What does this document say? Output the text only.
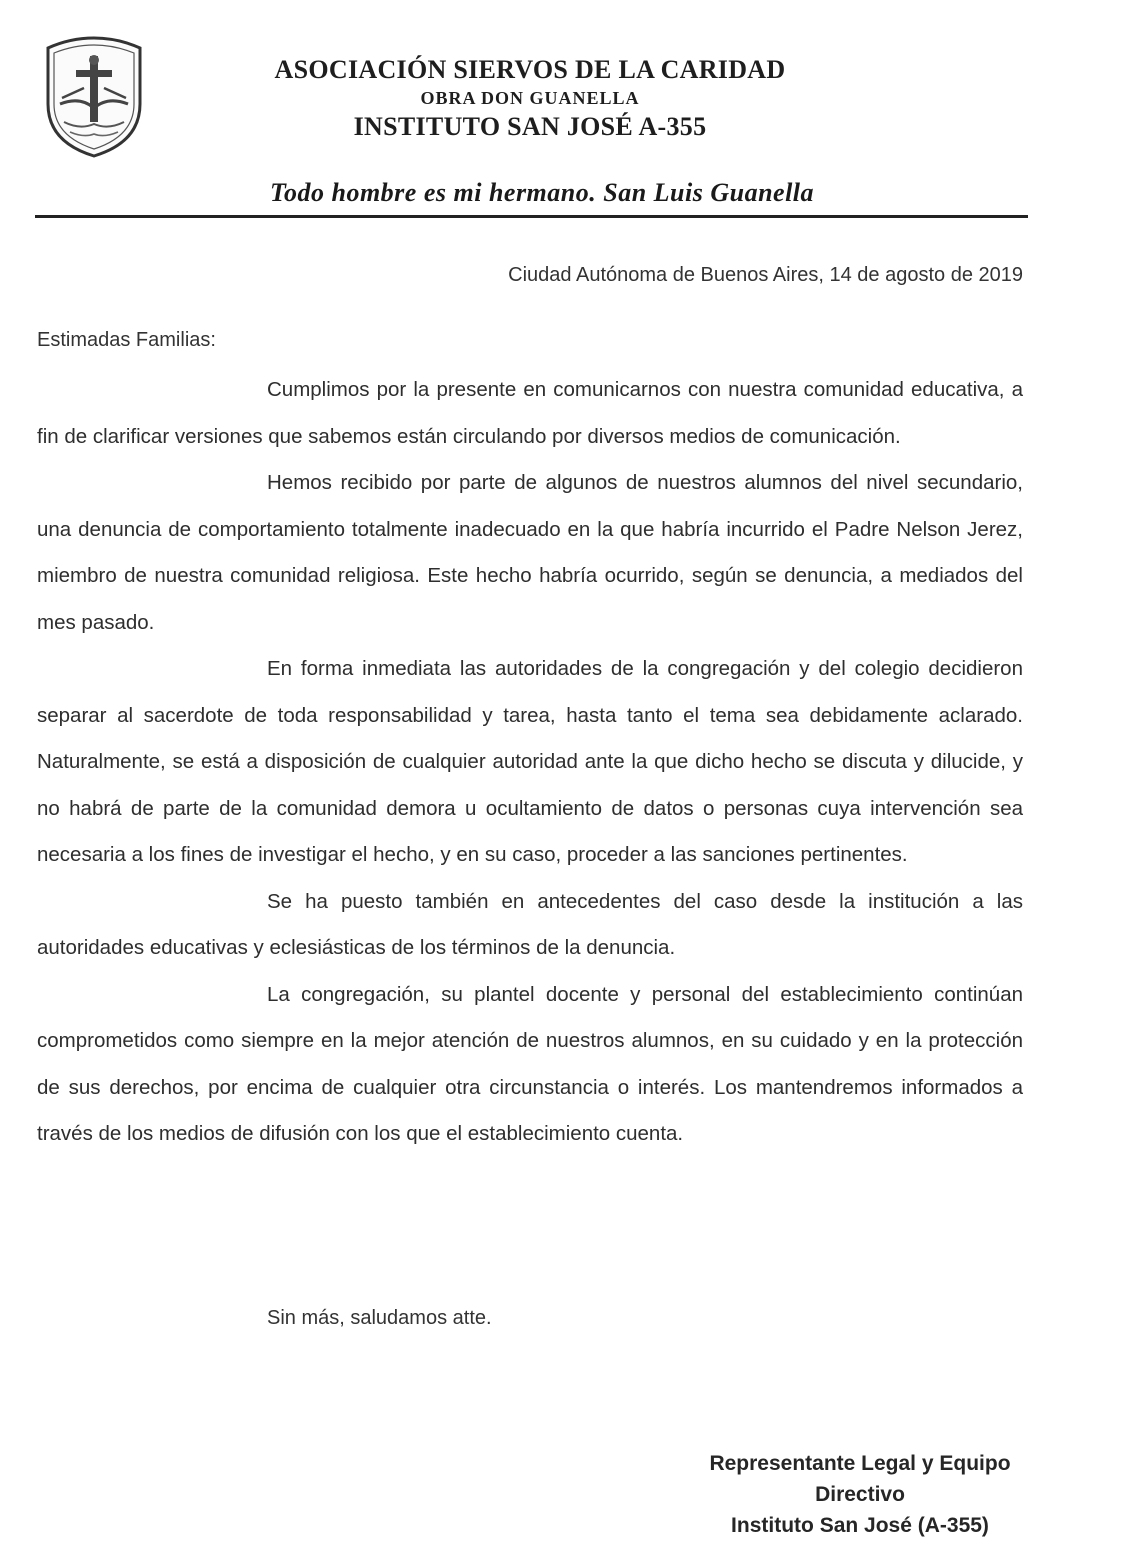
ASOCIACIÓN SIERVOS DE LA CARIDAD
OBRA DON GUANELLA
INSTITUTO SAN JOSÉ A-355
Todo hombre es mi hermano. San Luis Guanella
Ciudad Autónoma de Buenos Aires, 14 de agosto de 2019
Estimadas Familias:

Cumplimos por la presente en comunicarnos con nuestra comunidad educativa, a fin de clarificar versiones que sabemos están circulando por diversos medios de comunicación.

Hemos recibido por parte de algunos de nuestros alumnos del nivel secundario, una denuncia de comportamiento totalmente inadecuado en la que habría incurrido el Padre Nelson Jerez, miembro de nuestra comunidad religiosa. Este hecho habría ocurrido, según se denuncia, a mediados del mes pasado.

En forma inmediata las autoridades de la congregación y del colegio decidieron separar al sacerdote de toda responsabilidad y tarea, hasta tanto el tema sea debidamente aclarado. Naturalmente, se está a disposición de cualquier autoridad ante la que dicho hecho se discuta y dilucide, y no habrá de parte de la comunidad demora u ocultamiento de datos o personas cuya intervención sea necesaria a los fines de investigar el hecho, y en su caso, proceder a las sanciones pertinentes.

Se ha puesto también en antecedentes del caso desde la institución a las autoridades educativas y eclesiásticas de los términos de la denuncia.

La congregación, su plantel docente y personal del establecimiento continúan comprometidos como siempre en la mejor atención de nuestros alumnos, en su cuidado y en la protección de sus derechos, por encima de cualquier otra circunstancia o interés. Los mantendremos informados a través de los medios de difusión con los que el establecimiento cuenta.

Sin más, saludamos atte.
Representante Legal y Equipo
Directivo
Instituto San José (A-355)
